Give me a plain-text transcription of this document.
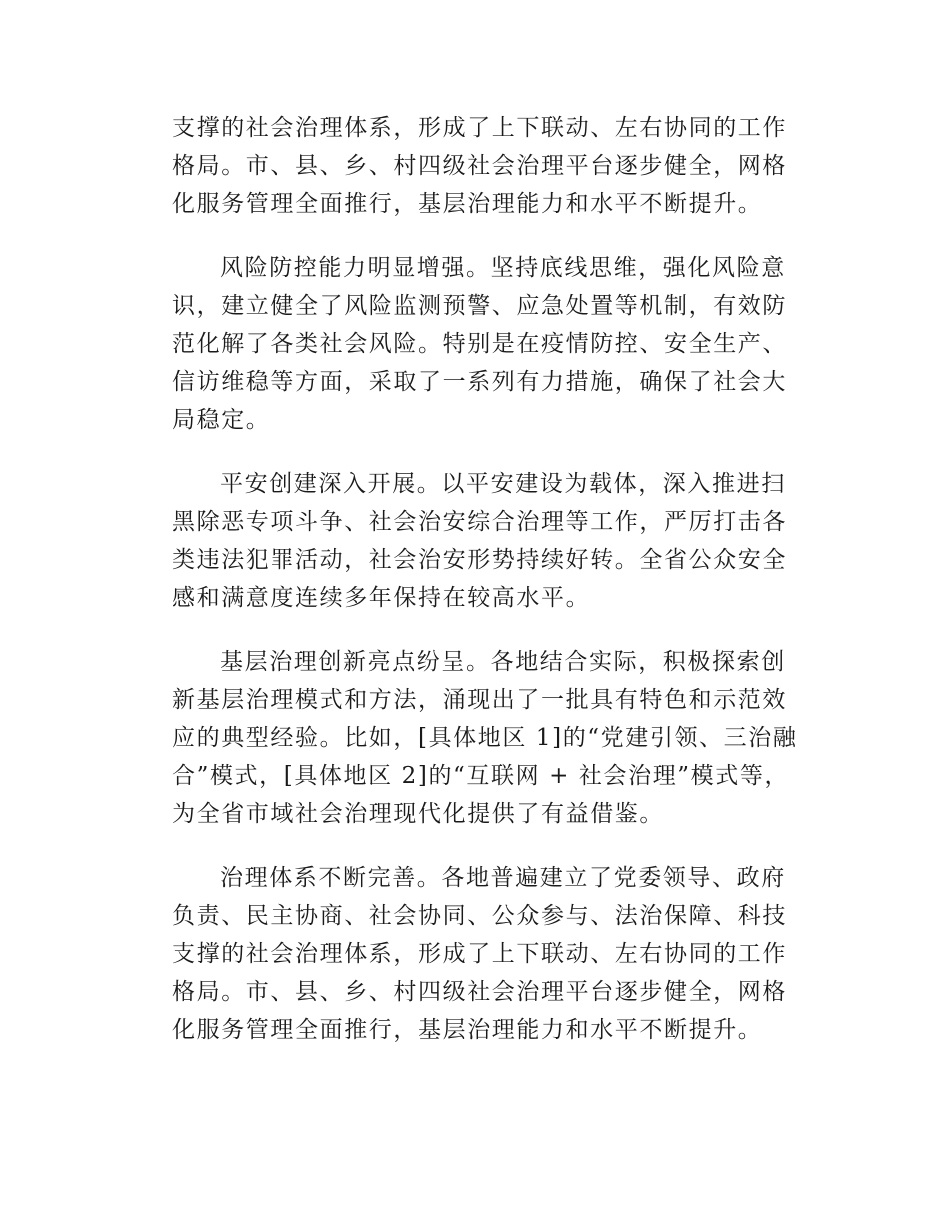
支撑的社会治理体系，形成了上下联动、左右协同的工作
格局。市、县、乡、村四级社会治理平台逐步健全，网格
化服务管理全面推行，基层治理能力和水平不断提升。

风险防控能力明显增强。坚持底线思维，强化风险意
识，建立健全了风险监测预警、应急处置等机制，有效防
范化解了各类社会风险。特别是在疫情防控、安全生产、
信访维稳等方面，采取了一系列有力措施，确保了社会大
局稳定。

平安创建深入开展。以平安建设为载体，深入推进扫
黑除恶专项斗争、社会治安综合治理等工作，严厉打击各
类违法犯罪活动，社会治安形势持续好转。全省公众安全
感和满意度连续多年保持在较高水平。

基层治理创新亮点纷呈。各地结合实际，积极探索创
新基层治理模式和方法，涌现出了一批具有特色和示范效
应的典型经验。比如，[具体地区 1]的“党建引领、三治融
合”模式，[具体地区 2]的“互联网 + 社会治理”模式等，
为全省市域社会治理现代化提供了有益借鉴。

治理体系不断完善。各地普遍建立了党委领导、政府
负责、民主协商、社会协同、公众参与、法治保障、科技
支撑的社会治理体系，形成了上下联动、左右协同的工作
格局。市、县、乡、村四级社会治理平台逐步健全，网格
化服务管理全面推行，基层治理能力和水平不断提升。
